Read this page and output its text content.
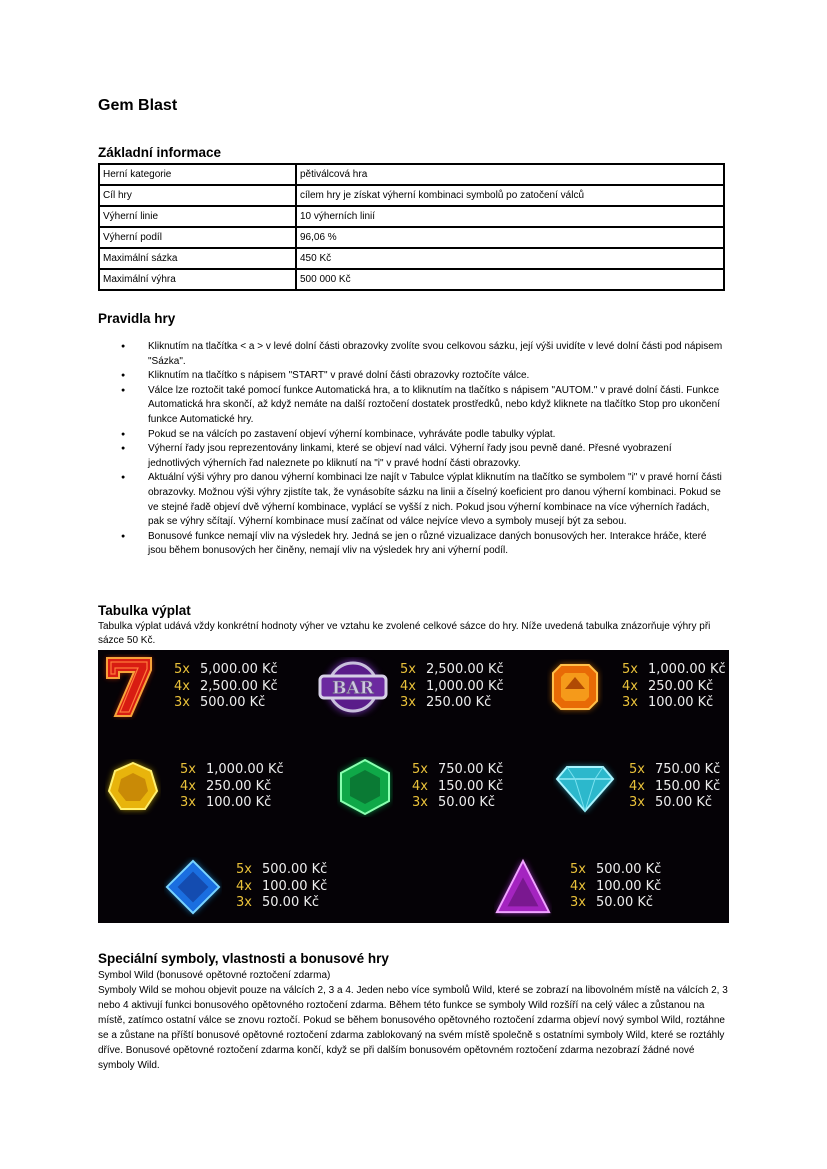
Gem Blast
Základní informace
Herní kategorie	pětiválcová hra
Cíl hry	cílem hry je získat výherní kombinaci symbolů po zatočení válců
Výherní linie	10 výherních linií
Výherní podíl	96,06 %
Maximální sázka	450 Kč
Maximální výhra	500 000 Kč
Pravidla hry
● Kliknutím na tlačítka < a > v levé dolní části obrazovky zvolíte svou celkovou sázku, její výši uvidíte v levé dolní části pod nápisem "Sázka".
● Kliknutím na tlačítko s nápisem "START" v pravé dolní části obrazovky roztočíte válce.
● Válce lze roztočit také pomocí funkce Automatická hra, a to kliknutím na tlačítko s nápisem "AUTOM." v pravé dolní části. Funkce Automatická hra skončí, až když nemáte na další roztočení dostatek prostředků, nebo když kliknete na tlačítko Stop pro ukončení funkce Automatické hry.
● Pokud se na válcích po zastavení objeví výherní kombinace, vyhráváte podle tabulky výplat.
● Výherní řady jsou reprezentovány linkami, které se objeví nad válci. Výherní řady jsou pevně dané. Přesné vyobrazení jednotlivých výherních řad naleznete po kliknutí na "i" v pravé hodní části obrazovky.
● Aktuální výši výhry pro danou výherní kombinaci lze najít v Tabulce výplat kliknutím na tlačítko se symbolem "i" v pravé horní části obrazovky. Možnou výši výhry zjistíte tak, že vynásobíte sázku na linii a číselný koeficient pro danou výherní kombinaci. Pokud se ve stejné řadě objeví dvě výherní kombinace, vyplácí se vyšší z nich. Pokud jsou výherní kombinace na více výherních řadách, pak se výhry sčítají. Výherní kombinace musí začínat od válce nejvíce vlevo a symboly musejí být za sebou.
● Bonusové funkce nemají vliv na výsledek hry. Jedná se jen o různé vizualizace daných bonusových her. Interakce hráče, které jsou během bonusových her činěny, nemají vliv na výsledek hry ani výherní podíl.
Tabulka výplat

Tabulka výplat udává vždy konkrétní hodnoty výher ve vztahu ke zvolené celkové sázce do hry. Níže uvedená tabulka znázorňuje výhry při sázce 50 Kč.

5x 5,000.00 Kč
4x 2,500.00 Kč
3x 500.00 Kč
BAR
5x 2,500.00 Kč
4x 1,000.00 Kč
3x 250.00 Kč
5x 1,000.00 Kč
4x 250.00 Kč
3x 100.00 Kč
5x 1,000.00 Kč
4x 250.00 Kč
3x 100.00 Kč
5x 750.00 Kč
4x 150.00 Kč
3x 50.00 Kč
5x 750.00 Kč
4x 150.00 Kč
3x 50.00 Kč
5x 500.00 Kč
4x 100.00 Kč
3x 50.00 Kč
5x 500.00 Kč
4x 100.00 Kč
3x 50.00 Kč
Speciální symboly, vlastnosti a bonusové hry
Symbol Wild (bonusové opětovné roztočení zdarma)

Symboly Wild se mohou objevit pouze na válcích 2, 3 a 4. Jeden nebo více symbolů Wild, které se zobrazí na libovolném místě na válcích 2, 3 nebo 4 aktivují funkci bonusového opětovného roztočení zdarma. Během této funkce se symboly Wild rozšíří na celý válec a zůstanou na místě, zatímco ostatní válce se znovu roztočí. Pokud se během bonusového opětovného roztočení zdarma objeví nový symbol Wild, roztáhne se a zůstane na příští bonusové opětovné roztočení zdarma zablokovaný na svém místě společně s ostatními symboly Wild, které se roztáhly dříve. Bonusové opětovné roztočení zdarma končí, když se při dalším bonusovém opětovném roztočení zdarma nezobrazí žádné nové symboly Wild.
